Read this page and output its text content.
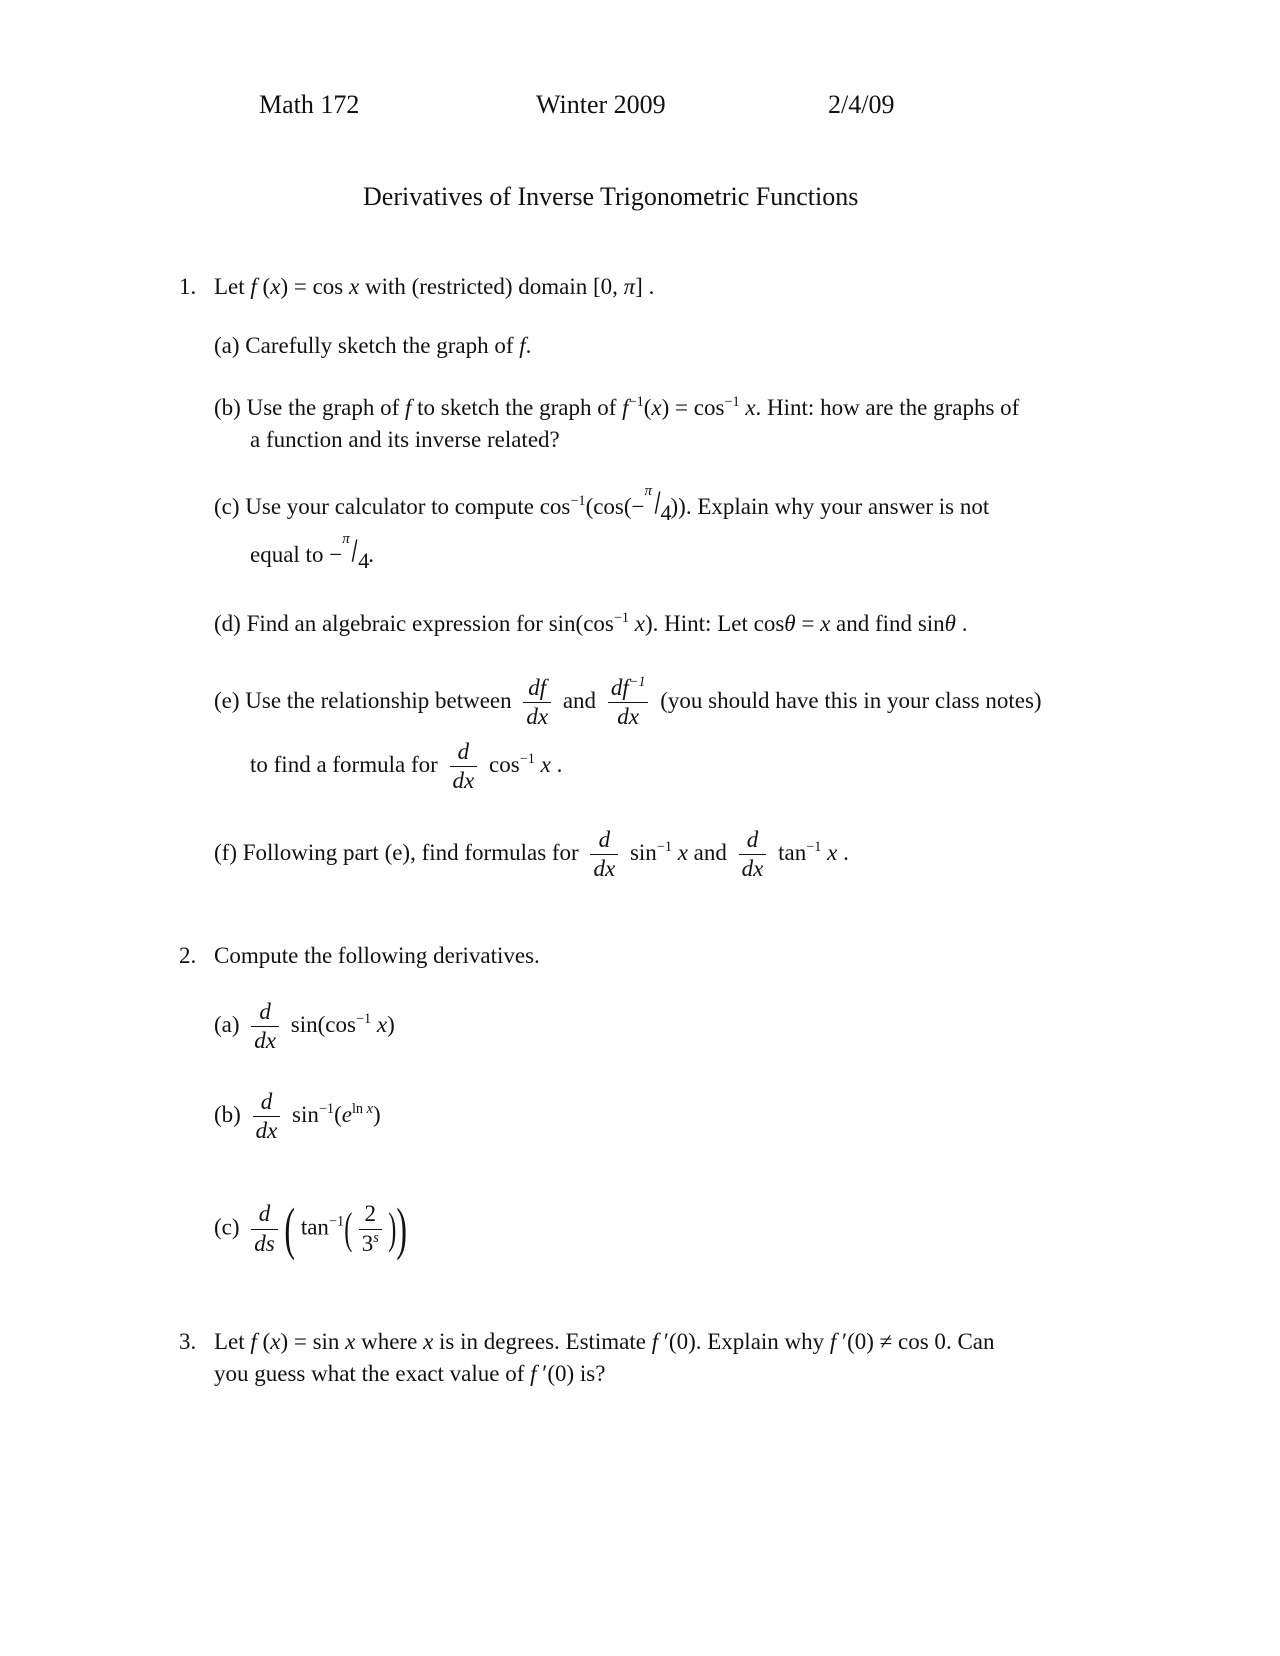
Math 172	Winter 2009	2/4/09
Derivatives of Inverse Trigonometric Functions
1. Let f (x) = cos x with (restricted) domain [0, π] .
(a) Carefully sketch the graph of f.
(b) Use the graph of f to sketch the graph of $f^{-1}(x) = \cos^{-1} x$. Hint: how are the graphs of
a function and its inverse related?
(c) Use your calculator to compute $\cos^{-1}(\cos(-$
π
/
4 )). Explain why your answer is not
equal to −
π
/
4 .
(d) Find an algebraic expression for $\sin(\cos^{-1}$ x). Hint: Let cosθ = x and find sinθ .
(e) Use the relationship between $\frac{df}{dx}$ and $\frac{df^{-1}}{dx} (you$ should have this in your class notes)
to find a formula for $\frac{d}{dx} \cos^{-1} x$ .
(f) Following part (e), find formulas for $\frac{d}{dx} \sin^{-1} x$ and $\frac{d}{dx} \tan^{-1} x$ .
2. Compute the following derivatives.
$(a) \frac{d}{dx} \sin(\cos^{-1}$ x)
$(b) \frac{d}{dx} \sin^{-1}(e^{ln x})$
$(c) \frac{d}{ds}$ ( $\tan^{-1}( \frac{2}{3^s}$ ))
3. Let f (x) = sin x where x is in degrees. Estimate f ′(0). Explain why f ′(0) ≠ cos 0. Can
you guess what the exact value of f ′(0) is?
